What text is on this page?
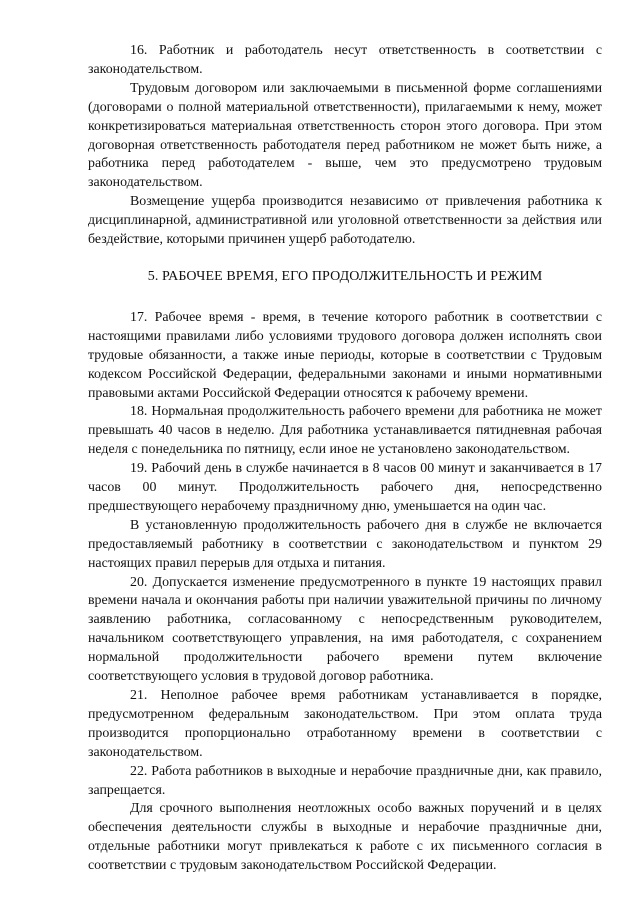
16. Работник и работодатель несут ответственность в соответствии с законодательством.

Трудовым договором или заключаемыми в письменной форме соглашениями (договорами о полной материальной ответственности), прилагаемыми к нему, может конкретизироваться материальная ответственность сторон этого договора. При этом договорная ответственность работодателя перед работником не может быть ниже, а работника перед работодателем - выше, чем это предусмотрено трудовым законодательством.

Возмещение ущерба производится независимо от привлечения работника к дисциплинарной, административной или уголовной ответственности за действия или бездействие, которыми причинен ущерб работодателю.

5. РАБОЧЕЕ ВРЕМЯ, ЕГО ПРОДОЛЖИТЕЛЬНОСТЬ И РЕЖИМ

17. Рабочее время - время, в течение которого работник в соответствии с настоящими правилами либо условиями трудового договора должен исполнять свои трудовые обязанности, а также иные периоды, которые в соответствии с Трудовым кодексом Российской Федерации, федеральными законами и иными нормативными правовыми актами Российской Федерации относятся к рабочему времени.

18. Нормальная продолжительность рабочего времени для работника не может превышать 40 часов в неделю. Для работника устанавливается пятидневная рабочая неделя с понедельника по пятницу, если иное не установлено законодательством.

19. Рабочий день в службе начинается в 8 часов 00 минут и заканчивается в 17 часов 00 минут. Продолжительность рабочего дня, непосредственно предшествующего нерабочему праздничному дню, уменьшается на один час.

В установленную продолжительность рабочего дня в службе не включается предоставляемый работнику в соответствии с законодательством и пунктом 29 настоящих правил перерыв для отдыха и питания.

20. Допускается изменение предусмотренного в пункте 19 настоящих правил времени начала и окончания работы при наличии уважительной причины по личному заявлению работника, согласованному с непосредственным руководителем, начальником соответствующего управления, на имя работодателя, с сохранением нормальной продолжительности рабочего времени путем включение соответствующего условия в трудовой договор работника.

21. Неполное рабочее время работникам устанавливается в порядке, предусмотренном федеральным законодательством. При этом оплата труда производится пропорционально отработанному времени в соответствии с законодательством.

22. Работа работников в выходные и нерабочие праздничные дни, как правило, запрещается.

Для срочного выполнения неотложных особо важных поручений и в целях обеспечения деятельности службы в выходные и нерабочие праздничные дни, отдельные работники могут привлекаться к работе с их письменного согласия в соответствии с трудовым законодательством Российской Федерации.
